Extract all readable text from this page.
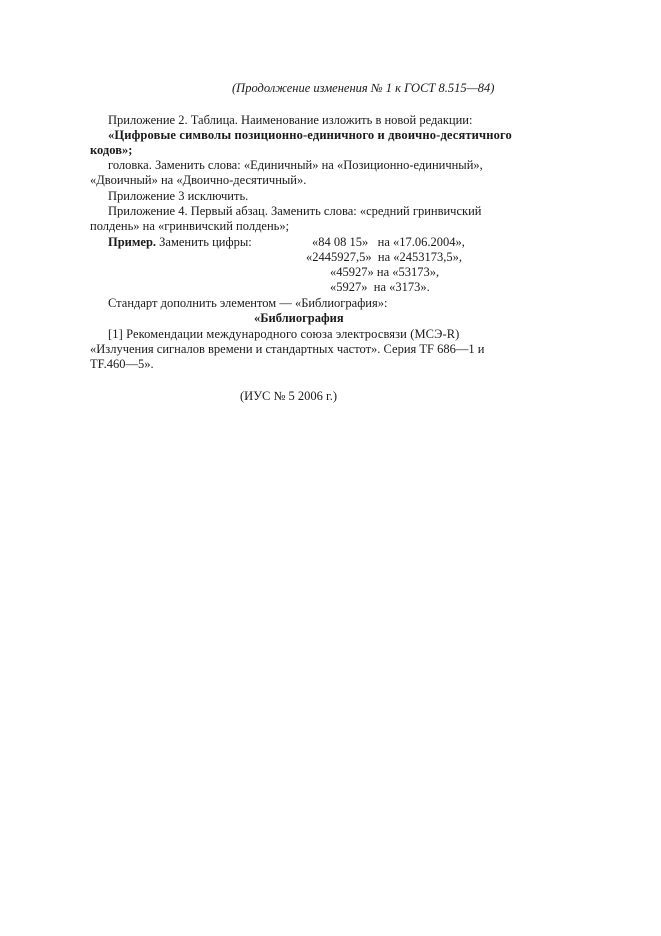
(Продолжение изменения № 1 к ГОСТ 8.515—84)
Приложение 2. Таблица. Наименование изложить в новой редакции:
«Цифровые символы позиционно-единичного и двоично-десятичного
кодов»;
головка. Заменить слова: «Единичный» на «Позиционно-единичный»,
«Двоичный» на «Двоично-десятичный».
Приложение 3 исключить.
Приложение 4. Первый абзац. Заменить слова: «средний гринвичский
полдень» на «гринвичский полдень»;
Пример. Заменить цифры:	«84 08 15»   на «17.06.2004»,
«2445927,5»  на «2453173,5»,
«45927» на «53173»,
«5927»  на «3173».
Стандарт дополнить элементом — «Библиография»:
«Библиография
[1] Рекомендации международного союза электросвязи (МСЭ-R)
«Излучения сигналов времени и стандартных частот». Серия TF 686—1 и
TF.460—5».
(ИУС № 5 2006 г.)
